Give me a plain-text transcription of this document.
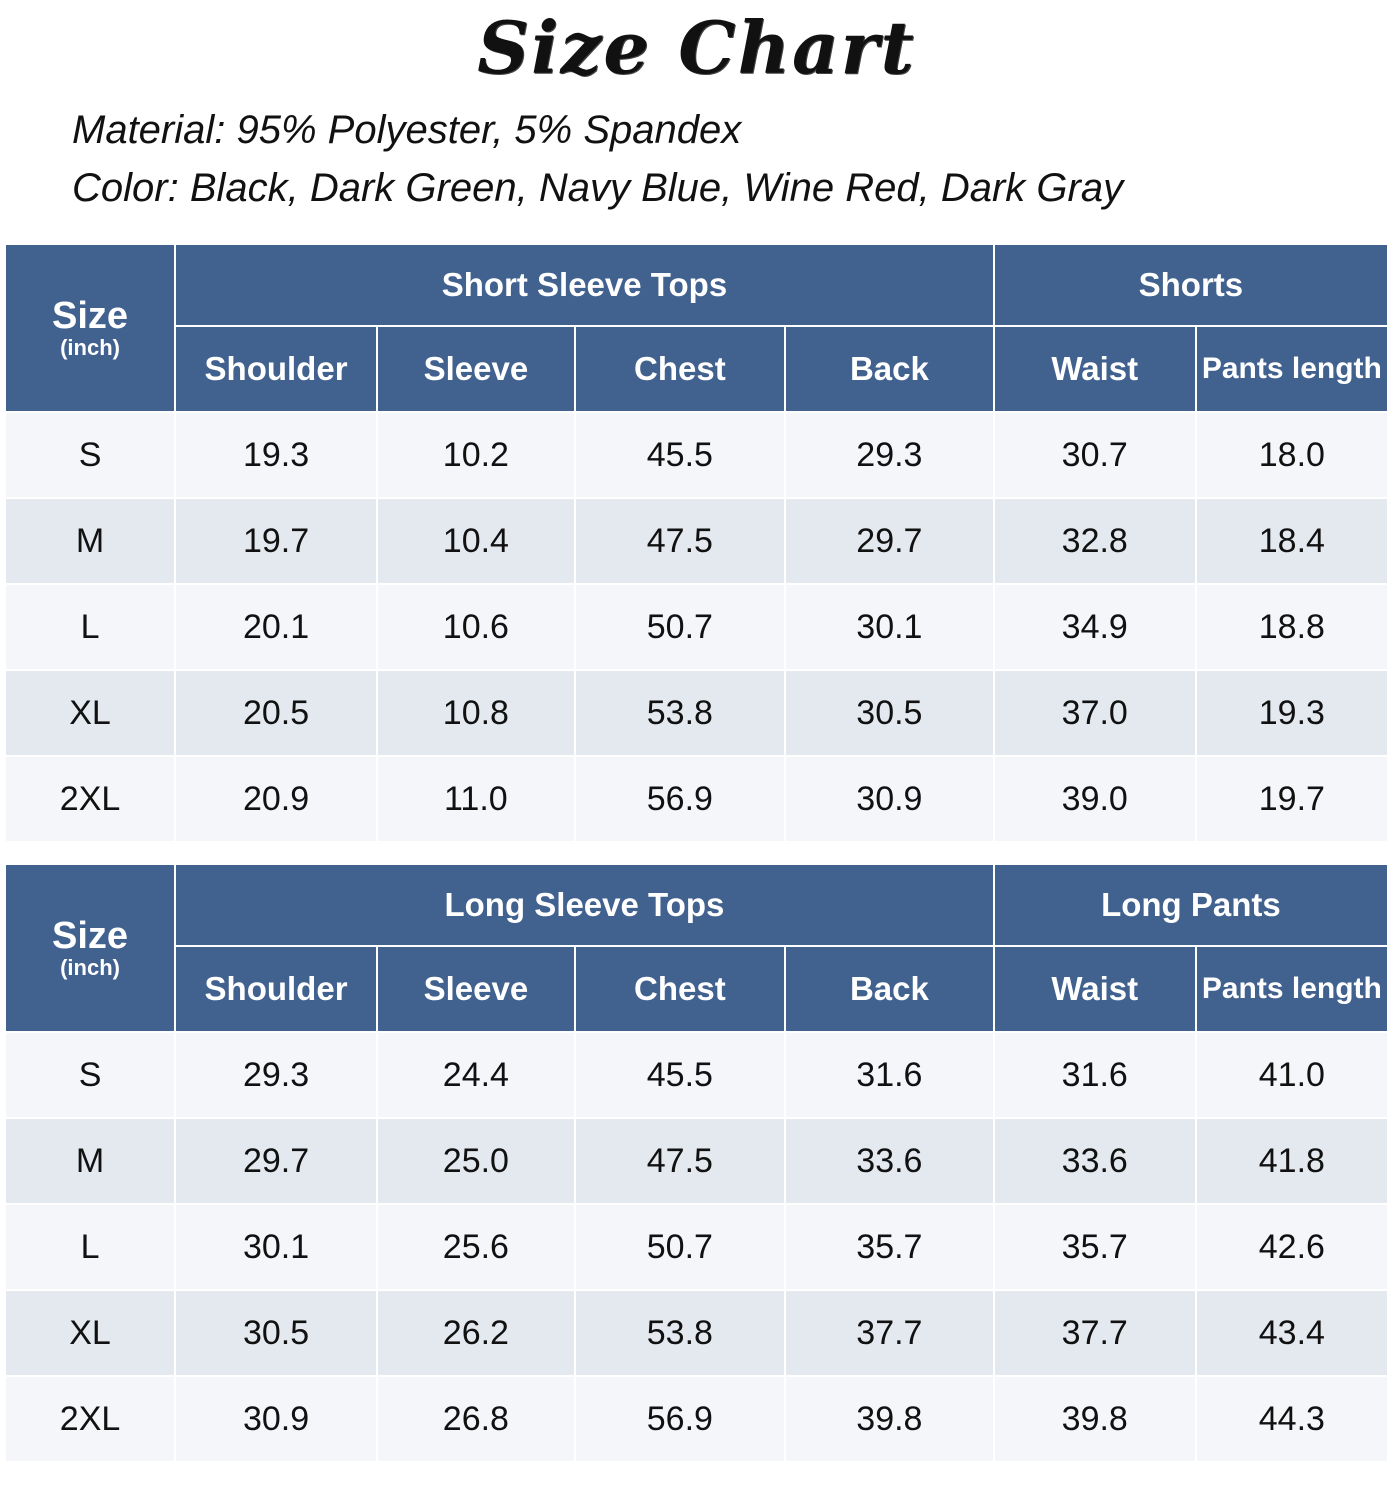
Size Chart
Material: 95% Polyester, 5% Spandex
Color: Black, Dark Green, Navy Blue, Wine Red, Dark Gray
Size
(inch)	Short Sleeve Tops				Shorts	
	Shoulder	Sleeve	Chest	Back	Waist	Pants length
S	19.3	10.2	45.5	29.3	30.7	18.0
M	19.7	10.4	47.5	29.7	32.8	18.4
L	20.1	10.6	50.7	30.1	34.9	18.8
XL	20.5	10.8	53.8	30.5	37.0	19.3
2XL	20.9	11.0	56.9	30.9	39.0	19.7
Size
(inch)	Long Sleeve Tops				Long Pants	
	Shoulder	Sleeve	Chest	Back	Waist	Pants length
S	29.3	24.4	45.5	31.6	31.6	41.0
M	29.7	25.0	47.5	33.6	33.6	41.8
L	30.1	25.6	50.7	35.7	35.7	42.6
XL	30.5	26.2	53.8	37.7	37.7	43.4
2XL	30.9	26.8	56.9	39.8	39.8	44.3
